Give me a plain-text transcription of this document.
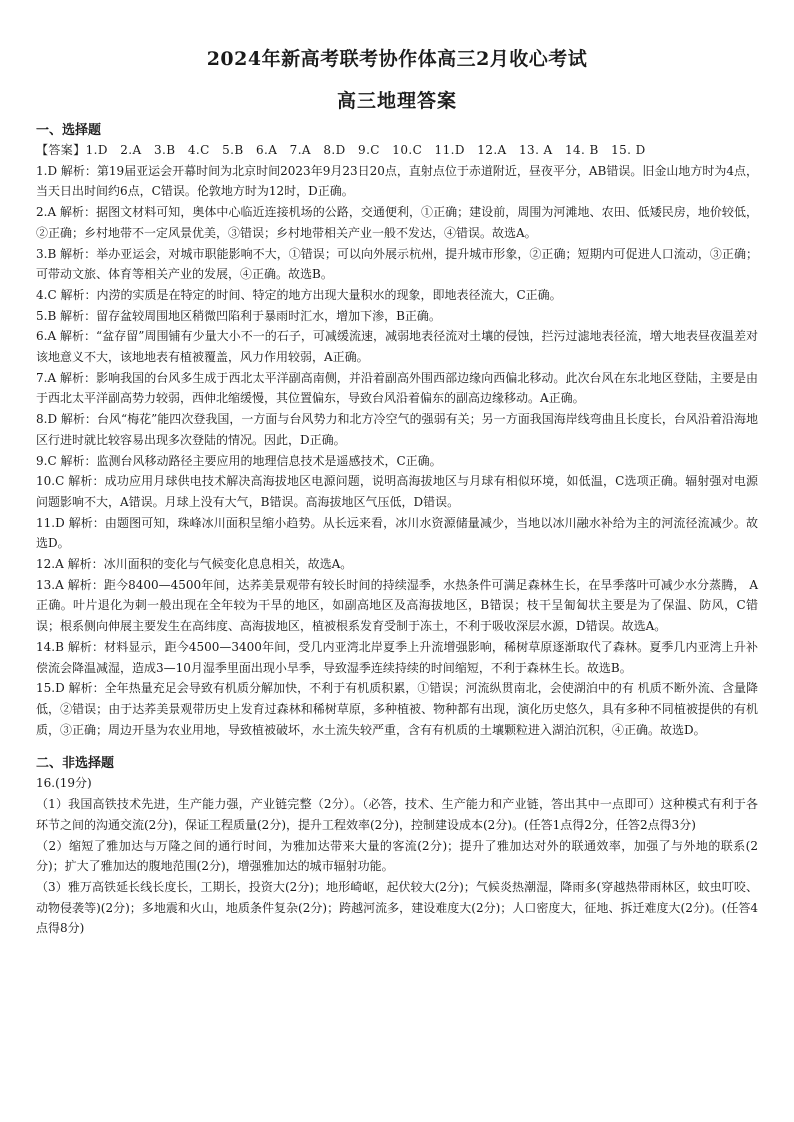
2024年新高考联考协作体高三2月收心考试
高三地理答案

一、选择题

【答案】1.D　2.A　3.B　4.C　5.B　6.A　7.A　8.D　9.C　10.C　11.D　12.A　13. A　14. B　15. D

1.D 解析：第19届亚运会开幕时间为北京时间2023年9月23日20点，直射点位于赤道附近，昼夜平分，AB错误。旧金山地方时为4点，当天日出时间约6点，C错误。伦敦地方时为12时，D正确。

2.A 解析：据图文材料可知，奥体中心临近连接机场的公路，交通便利，①正确；建设前，周围为河滩地、农田、低矮民房，地价较低，②正确；乡村地带不一定风景优美，③错误；乡村地带相关产业一般不发达，④错误。故选A。

3.B 解析：举办亚运会，对城市职能影响不大，①错误；可以向外展示杭州，提升城市形象，②正确；短期内可促进人口流动，③正确；可带动文旅、体育等相关产业的发展，④正确。故选B。

4.C 解析：内涝的实质是在特定的时间、特定的地方出现大量积水的现象，即地表径流大，C正确。

5.B 解析：留存盆较周围地区稍微凹陷利于暴雨时汇水，增加下渗，B正确。

6.A 解析：“盆存留”周围铺有少量大小不一的石子，可减缓流速，减弱地表径流对土壤的侵蚀，拦污过滤地表径流，增大地表昼夜温差对该地意义不大，该地地表有植被覆盖，风力作用较弱，A正确。

7.A 解析：影响我国的台风多生成于西北太平洋副高南侧，并沿着副高外围西部边缘向西偏北移动。此次台风在东北地区登陆，主要是由于西北太平洋副高势力较弱，西伸北缩缓慢，其位置偏东，导致台风沿着偏东的副高边缘移动。A正确。

8.D 解析：台风“梅花”能四次登我国，一方面与台风势力和北方冷空气的强弱有关；另一方面我国海岸线弯曲且长度长，台风沿着沿海地区行进时就比较容易出现多次登陆的情况。因此，D正确。

9.C 解析：监测台风移动路径主要应用的地理信息技术是遥感技术，C正确。

10.C 解析：成功应用月球供电技术解决高海拔地区电源问题，说明高海拔地区与月球有相似环境，如低温，C选项正确。辐射强对电源问题影响不大，A错误。月球上没有大气，B错误。高海拔地区气压低，D错误。

11.D 解析：由题图可知，珠峰冰川面积呈缩小趋势。从长远来看，冰川水资源储量减少，当地以冰川融水补给为主的河流径流减少。故选D。

12.A 解析：冰川面积的变化与气候变化息息相关，故选A。

13.A 解析：距今8400—4500年间，达荞美景观带有较长时间的持续湿季，水热条件可满足森林生长，在旱季落叶可减少水分蒸腾， A正确。叶片退化为刺一般出现在全年较为干旱的地区，如副高地区及高海拔地区，B错误；枝干呈匍匐状主要是为了保温、防风，C错误；根系侧向伸展主要发生在高纬度、高海拔地区，植被根系发育受制于冻土，不利于吸收深层水源，D错误。故选A。

14.B 解析：材料显示，距今4500—3400年间，受几内亚湾北岸夏季上升流增强影响，稀树草原逐渐取代了森林。夏季几内亚湾上升补偿流会降温减湿，造成3—10月湿季里面出现小旱季，导致湿季连续持续的时间缩短，不利于森林生长。故选B。

15.D 解析：全年热量充足会导致有机质分解加快，不利于有机质积累，①错误；河流纵贯南北，会使湖泊中的有 机质不断外流、含量降低，②错误；由于达荞美景观带历史上发育过森林和稀树草原，多种植被、物种都有出现，演化历史悠久，具有多种不同植被提供的有机质，③正确；周边开垦为农业用地，导致植被破坏，水土流失较严重，含有有机质的土壤颗粒进入湖泊沉积，④正确。故选D。

二、非选择题

16.(19分)

（1）我国高铁技术先进，生产能力强，产业链完整（2分）。（必答，技术、生产能力和产业链，答出其中一点即可）这种模式有利于各环节之间的沟通交流(2分)，保证工程质量(2分)，提升工程效率(2分)，控制建设成本(2分)。(任答1点得2分，任答2点得3分)

（2）缩短了雅加达与万隆之间的通行时间，为雅加达带来大量的客流(2分)；提升了雅加达对外的联通效率，加强了与外地的联系(2分)；扩大了雅加达的腹地范围(2分)，增强雅加达的城市辐射功能。

（3）雅万高铁延长线长度长，工期长，投资大(2分)；地形崎岖，起伏较大(2分)；气候炎热潮湿，降雨多(穿越热带雨林区，蚊虫叮咬、动物侵袭等)(2分)；多地震和火山，地质条件复杂(2分)；跨越河流多，建设难度大(2分)；人口密度大，征地、拆迁难度大(2分)。(任答4点得8分)
